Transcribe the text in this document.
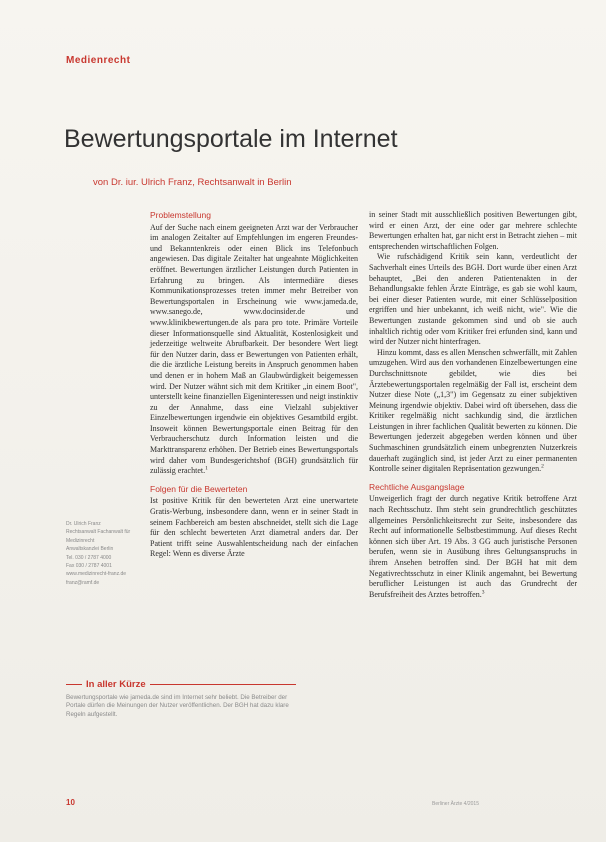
Medienrecht
Bewertungsportale im Internet
von Dr. iur. Ulrich Franz, Rechtsanwalt in Berlin
Problemstellung

Auf der Suche nach einem geeigneten Arzt war der Verbraucher im analogen Zeitalter auf Empfehlungen im engeren Freundes- und Bekanntenkreis oder einen Blick ins Telefonbuch angewiesen. Das digitale Zeitalter hat ungeahnte Möglichkeiten eröffnet. Bewertungen ärztlicher Leistungen durch Patienten in Erfahrung zu bringen. Als intermediäre dieses Kommunikationsprozesses treten immer mehr Betreiber von Bewertungsportalen in Erscheinung wie www.jameda.de, www.sanego.de, www.docinsider.de und www.klinikbewertungen.de als para pro tote. Primäre Vorteile dieser Informationsquelle sind Aktualität, Kostenlosigkeit und jederzeitige weltweite Abrufbarkeit. Der besondere Wert liegt für den Nutzer darin, dass er Bewertungen von Patienten erhält, die die ärztliche Leistung bereits in Anspruch genommen haben und denen er in hohem Maß an Glaubwürdigkeit beigemessen wird. Der Nutzer wähnt sich mit dem Kritiker „in einem Boot", unterstellt keine finanziellen Eigeninteressen und neigt instinktiv zu der Annahme, dass eine Vielzahl subjektiver Einzelbewertungen irgendwie ein objektives Gesamtbild ergibt. Insoweit können Bewertungsportale einen Beitrag für den Verbraucherschutz durch Information leisten und die Markttransparenz erhöhen. Der Betrieb eines Bewertungsportals wird daher vom Bundesgerichtshof (BGH) grundsätzlich für zulässig erachtet.$^1$

Folgen für die Bewerteten

Ist positive Kritik für den bewerteten Arzt eine unerwartete Gratis-Werbung, insbesondere dann, wenn er in seiner Stadt in seinem Fachbereich am besten abschneidet, stellt sich die Lage für den schlecht bewerteten Arzt diametral anders dar. Der Patient trifft seine Auswahlentscheidung nach der einfachen Regel: Wenn es diverse Ärzte

in seiner Stadt mit ausschließlich positiven Bewertungen gibt, wird er einen Arzt, der eine oder gar mehrere schlechte Bewertungen erhalten hat, gar nicht erst in Betracht ziehen – mit entsprechenden wirtschaftlichen Folgen.

Wie rufschädigend Kritik sein kann, verdeutlicht der Sachverhalt eines Urteils des BGH. Dort wurde über einen Arzt behauptet, „Bei den anderen Patientenakten in der Behandlungsakte fehlen Ärzte Einträge, es gab sie wohl kaum, bei einer dieser Patienten wurde, mit einer Schlüsselposition ergriffen und hier unbekannt, ich weiß nicht, wie". Wie die Bewertungen zustande gekommen sind und ob sie auch inhaltlich richtig oder vom Kritiker frei erfunden sind, kann und wird der Nutzer nicht hinterfragen.

Hinzu kommt, dass es allen Menschen schwerfällt, mit Zahlen umzugehen. Wird aus den vorhandenen Einzelbewertungen eine Durchschnittsnote gebildet, wie dies bei Ärztebewertungsportalen regelmäßig der Fall ist, erscheint dem Nutzer diese Note („1,3") im Gegensatz zu einer subjektiven Meinung irgendwie objektiv. Dabei wird oft übersehen, dass die Kritiker regelmäßig nicht sachkundig sind, die ärztlichen Leistungen in ihrer fachlichen Qualität bewerten zu können. Die Bewertungen jederzeit abgegeben werden können und über Suchmaschinen grundsätzlich einem unbegrenzten Nutzerkreis dauerhaft zugänglich sind, ist jeder Arzt zu einer permanenten Kontrolle seiner digitalen Repräsentation gezwungen.$^2$

Rechtliche Ausgangslage

Unweigerlich fragt der durch negative Kritik betroffene Arzt nach Rechtsschutz. Ihm steht sein grundrechtlich geschütztes allgemeines Persönlichkeitsrecht zur Seite, insbesondere das Recht auf informationelle Selbstbestimmung. Auf dieses Recht können sich über Art. 19 Abs. 3 GG auch juristische Personen berufen, wenn sie in Ausübung ihres Geltungsanspruchs in ihrem Ansehen betroffen sind. Der BGH hat mit dem Negativrechtsschutz in einer Klinik angemahnt, bei Bewertung beruflicher Leistungen ist auch das Grundrecht der Berufsfreiheit des Arztes betroffen.$^3$

Dr. Ulrich Franz

Rechtsanwalt Fachanwalt für

Medizinrecht

Anwaltskanzlei Berlin

Tel. 030 / 2787 4000

Fax 030 / 2787 4001

www.medizinrecht-franz.de

franz@ramf.de

In aller Kürze
Bewertungsportale wie jameda.de sind im Internet sehr beliebt. Die Betreiber der Portale dürfen die Meinungen der Nutzer veröffentlichen. Der BGH hat dazu klare Regeln aufgestellt.
10	Berliner Ärzte 4/2015
